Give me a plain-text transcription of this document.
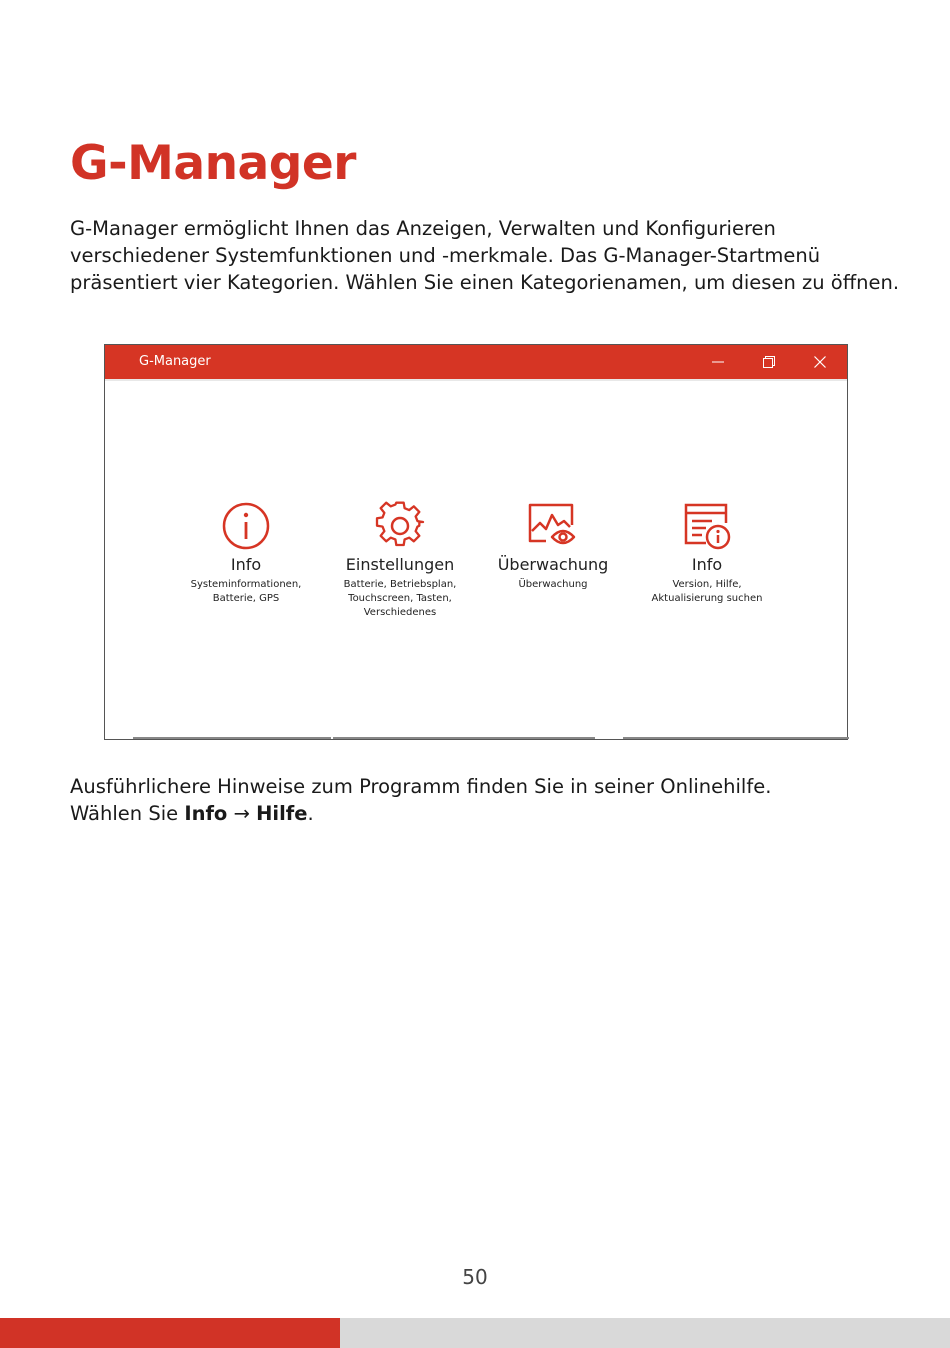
G-Manager

G-Manager ermöglicht Ihnen das Anzeigen, Verwalten und Konfigurieren verschiedener Systemfunktionen und -merkmale. Das G-Manager-Startmenü präsentiert vier Kategorien. Wählen Sie einen Kategorienamen, um diesen zu öffnen.

G-Manager
Info
Systeminformationen,
Batterie, GPS
Einstellungen
Batterie, Betriebsplan,
Touchscreen, Tasten,
Verschiedenes
Überwachung
Überwachung
Info
Version, Hilfe,
Aktualisierung suchen

Ausführlichere Hinweise zum Programm finden Sie in seiner Onlinehilfe.
Wählen Sie Info → Hilfe.

50
